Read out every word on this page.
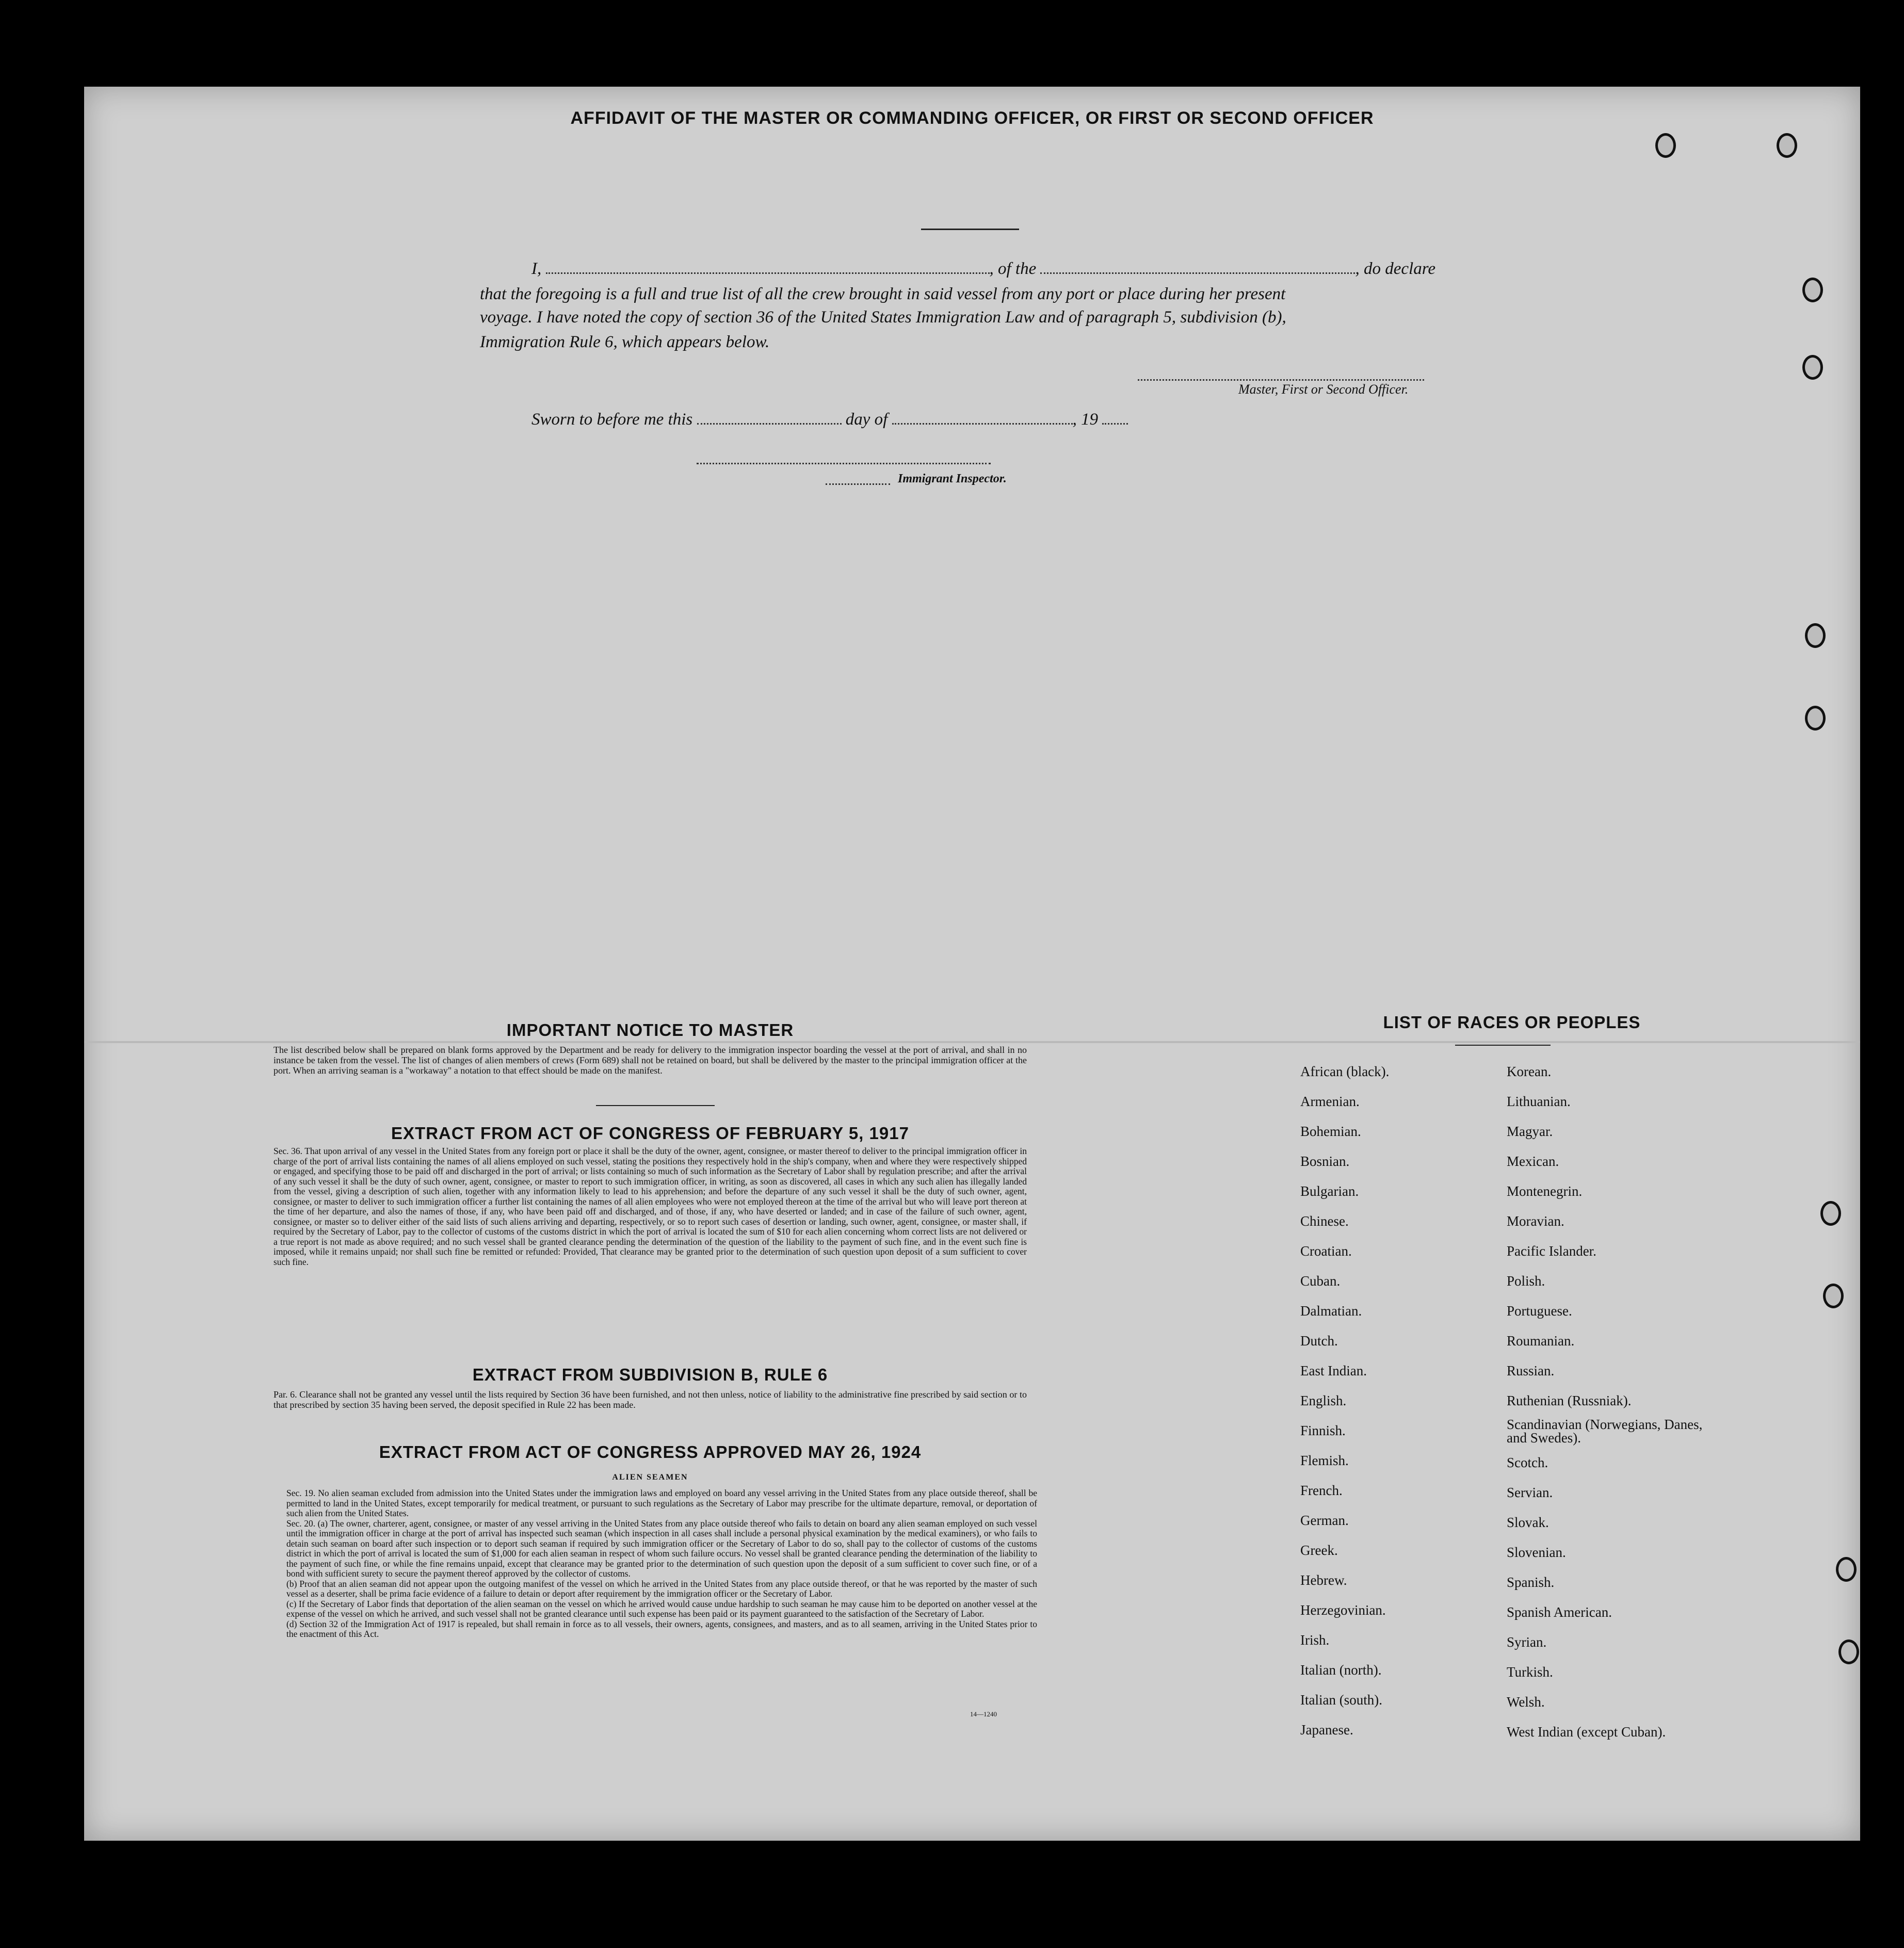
AFFIDAVIT OF THE MASTER OR COMMANDING OFFICER, OR FIRST OR SECOND OFFICER
I,	, of the	, do declare
that the foregoing is a full and true list of all the crew brought in said vessel from any port or place during her present
voyage. I have noted the copy of section 36 of the United States Immigration Law and of paragraph 5, subdivision (b),
Immigration Rule 6, which appears below.
Master, First or Second Officer.
Sworn to before me this	day of	, 19
Immigrant Inspector.
IMPORTANT NOTICE TO MASTER
The list described below shall be prepared on blank forms approved by the Department and be ready for delivery to the immigration inspector boarding the vessel at the port of arrival, and shall in no instance be taken from the vessel. The list of changes of alien members of crews (Form 689) shall not be retained on board, but shall be delivered by the master to the principal immigration officer at the port. When an arriving seaman is a "workaway" a notation to that effect should be made on the manifest.
EXTRACT FROM ACT OF CONGRESS OF FEBRUARY 5, 1917
Sec. 36. That upon arrival of any vessel in the United States from any foreign port or place it shall be the duty of the owner, agent, consignee, or master thereof to deliver to the principal immigration officer in charge of the port of arrival lists containing the names of all aliens employed on such vessel, stating the positions they respectively hold in the ship's company, when and where they were respectively shipped or engaged, and specifying those to be paid off and discharged in the port of arrival; or lists containing so much of such information as the Secretary of Labor shall by regulation prescribe; and after the arrival of any such vessel it shall be the duty of such owner, agent, consignee, or master to report to such immigration officer, in writing, as soon as discovered, all cases in which any such alien has illegally landed from the vessel, giving a description of such alien, together with any information likely to lead to his apprehension; and before the departure of any such vessel it shall be the duty of such owner, agent, consignee, or master to deliver to such immigration officer a further list containing the names of all alien employees who were not employed thereon at the time of the arrival but who will leave port thereon at the time of her departure, and also the names of those, if any, who have been paid off and discharged, and of those, if any, who have deserted or landed; and in case of the failure of such owner, agent, consignee, or master so to deliver either of the said lists of such aliens arriving and departing, respectively, or so to report such cases of desertion or landing, such owner, agent, consignee, or master shall, if required by the Secretary of Labor, pay to the collector of customs of the customs district in which the port of arrival is located the sum of $10 for each alien concerning whom correct lists are not delivered or a true report is not made as above required; and no such vessel shall be granted clearance pending the determination of the question of the liability to the payment of such fine, and in the event such fine is imposed, while it remains unpaid; nor shall such fine be remitted or refunded: Provided, That clearance may be granted prior to the determination of such question upon deposit of a sum sufficient to cover such fine.
EXTRACT FROM SUBDIVISION B, RULE 6
Par. 6. Clearance shall not be granted any vessel until the lists required by Section 36 have been furnished, and not then unless, notice of liability to the administrative fine prescribed by said section or to that prescribed by section 35 having been served, the deposit specified in Rule 22 has been made.
EXTRACT FROM ACT OF CONGRESS APPROVED MAY 26, 1924
ALIEN SEAMEN
Sec. 19. No alien seaman excluded from admission into the United States under the immigration laws and employed on board any vessel arriving in the United States from any place outside thereof, shall be permitted to land in the United States, except temporarily for medical treatment, or pursuant to such regulations as the Secretary of Labor may prescribe for the ultimate departure, removal, or deportation of such alien from the United States.
Sec. 20. (a) The owner, charterer, agent, consignee, or master of any vessel arriving in the United States from any place outside thereof who fails to detain on board any alien seaman employed on such vessel until the immigration officer in charge at the port of arrival has inspected such seaman (which inspection in all cases shall include a personal physical examination by the medical examiners), or who fails to detain such seaman on board after such inspection or to deport such seaman if required by such immigration officer or the Secretary of Labor to do so, shall pay to the collector of customs of the customs district in which the port of arrival is located the sum of $1,000 for each alien seaman in respect of whom such failure occurs. No vessel shall be granted clearance pending the determination of the liability to the payment of such fine, or while the fine remains unpaid, except that clearance may be granted prior to the determination of such question upon the deposit of a sum sufficient to cover such fine, or of a bond with sufficient surety to secure the payment thereof approved by the collector of customs.
(b) Proof that an alien seaman did not appear upon the outgoing manifest of the vessel on which he arrived in the United States from any place outside thereof, or that he was reported by the master of such vessel as a deserter, shall be prima facie evidence of a failure to detain or deport after requirement by the immigration officer or the Secretary of Labor.
(c) If the Secretary of Labor finds that deportation of the alien seaman on the vessel on which he arrived would cause undue hardship to such seaman he may cause him to be deported on another vessel at the expense of the vessel on which he arrived, and such vessel shall not be granted clearance until such expense has been paid or its payment guaranteed to the satisfaction of the Secretary of Labor.
(d) Section 32 of the Immigration Act of 1917 is repealed, but shall remain in force as to all vessels, their owners, agents, consignees, and masters, and as to all seamen, arriving in the United States prior to the enactment of this Act.
14—1240
LIST OF RACES OR PEOPLES
African (black).
Armenian.
Bohemian.
Bosnian.
Bulgarian.
Chinese.
Croatian.
Cuban.
Dalmatian.
Dutch.
East Indian.
English.
Finnish.
Flemish.
French.
German.
Greek.
Hebrew.
Herzegovinian.
Irish.
Italian (north).
Italian (south).
Japanese.
Korean.
Lithuanian.
Magyar.
Mexican.
Montenegrin.
Moravian.
Pacific Islander.
Polish.
Portuguese.
Roumanian.
Russian.
Ruthenian (Russniak).
Scandinavian (Norwegians, Danes, and Swedes).
Scotch.
Servian.
Slovak.
Slovenian.
Spanish.
Spanish American.
Syrian.
Turkish.
Welsh.
West Indian (except Cuban).
